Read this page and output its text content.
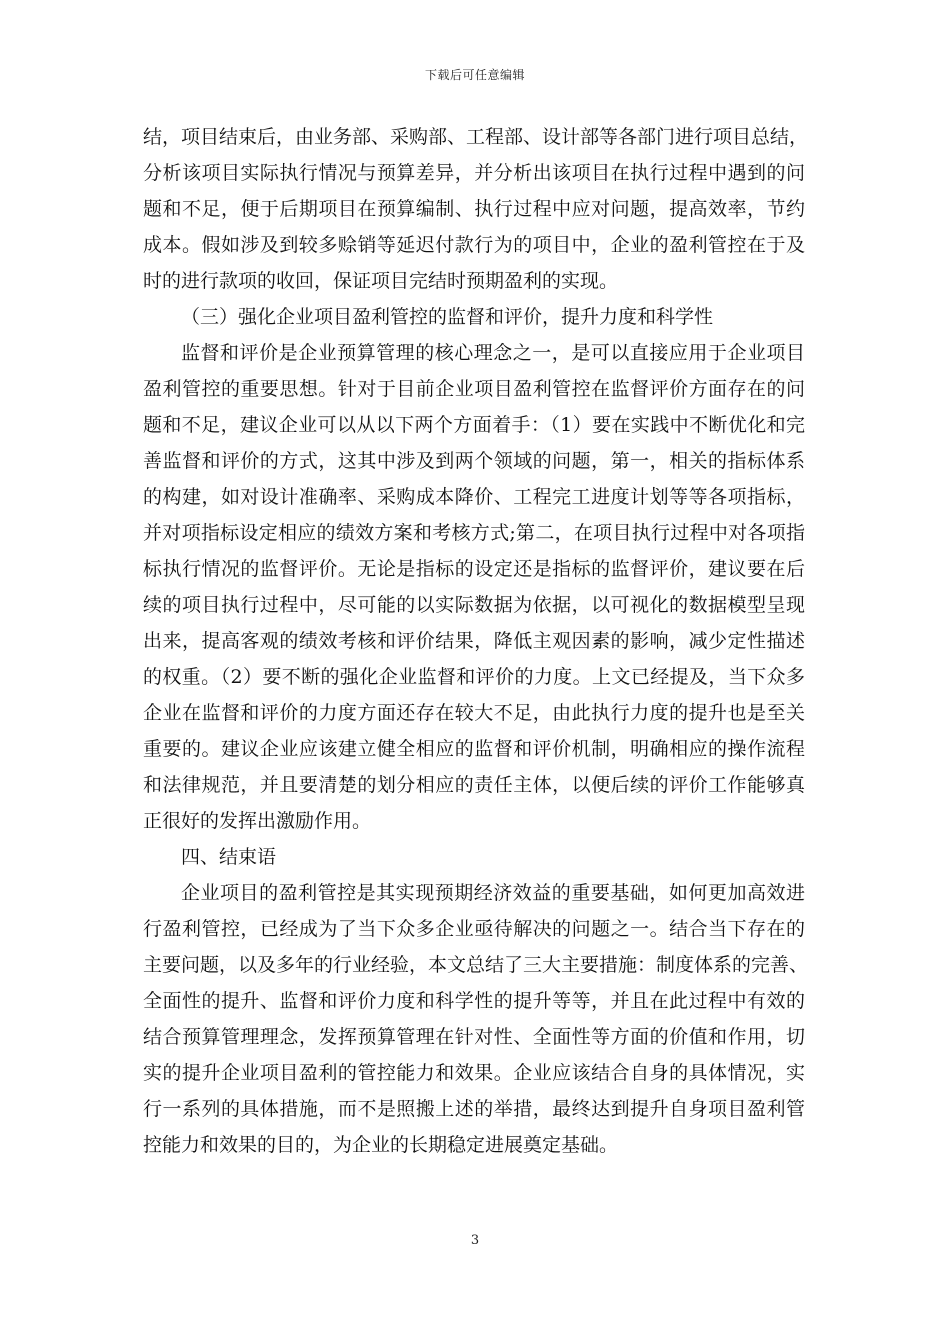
下载后可任意编辑
结，项目结束后，由业务部、采购部、工程部、设计部等各部门进行项目总结，
分析该项目实际执行情况与预算差异，并分析出该项目在执行过程中遇到的问
题和不足，便于后期项目在预算编制、执行过程中应对问题，提高效率，节约
成本。假如涉及到较多赊销等延迟付款行为的项目中，企业的盈利管控在于及
时的进行款项的收回，保证项目完结时预期盈利的实现。
（三）强化企业项目盈利管控的监督和评价，提升力度和科学性
监督和评价是企业预算管理的核心理念之一，是可以直接应用于企业项目
盈利管控的重要思想。针对于目前企业项目盈利管控在监督评价方面存在的问
题和不足，建议企业可以从以下两个方面着手：（1）要在实践中不断优化和完
善监督和评价的方式，这其中涉及到两个领域的问题，第一，相关的指标体系
的构建，如对设计准确率、采购成本降价、工程完工进度计划等等各项指标，
并对项指标设定相应的绩效方案和考核方式;第二，在项目执行过程中对各项指
标执行情况的监督评价。无论是指标的设定还是指标的监督评价，建议要在后
续的项目执行过程中，尽可能的以实际数据为依据，以可视化的数据模型呈现
出来，提高客观的绩效考核和评价结果，降低主观因素的影响，减少定性描述
的权重。（2）要不断的强化企业监督和评价的力度。上文已经提及，当下众多
企业在监督和评价的力度方面还存在较大不足，由此执行力度的提升也是至关
重要的。建议企业应该建立健全相应的监督和评价机制，明确相应的操作流程
和法律规范，并且要清楚的划分相应的责任主体，以便后续的评价工作能够真
正很好的发挥出激励作用。
四、结束语
企业项目的盈利管控是其实现预期经济效益的重要基础，如何更加高效进
行盈利管控，已经成为了当下众多企业亟待解决的问题之一。结合当下存在的
主要问题，以及多年的行业经验，本文总结了三大主要措施：制度体系的完善、
全面性的提升、监督和评价力度和科学性的提升等等，并且在此过程中有效的
结合预算管理理念，发挥预算管理在针对性、全面性等方面的价值和作用，切
实的提升企业项目盈利的管控能力和效果。企业应该结合自身的具体情况，实
行一系列的具体措施，而不是照搬上述的举措，最终达到提升自身项目盈利管
控能力和效果的目的，为企业的长期稳定进展奠定基础。
3
